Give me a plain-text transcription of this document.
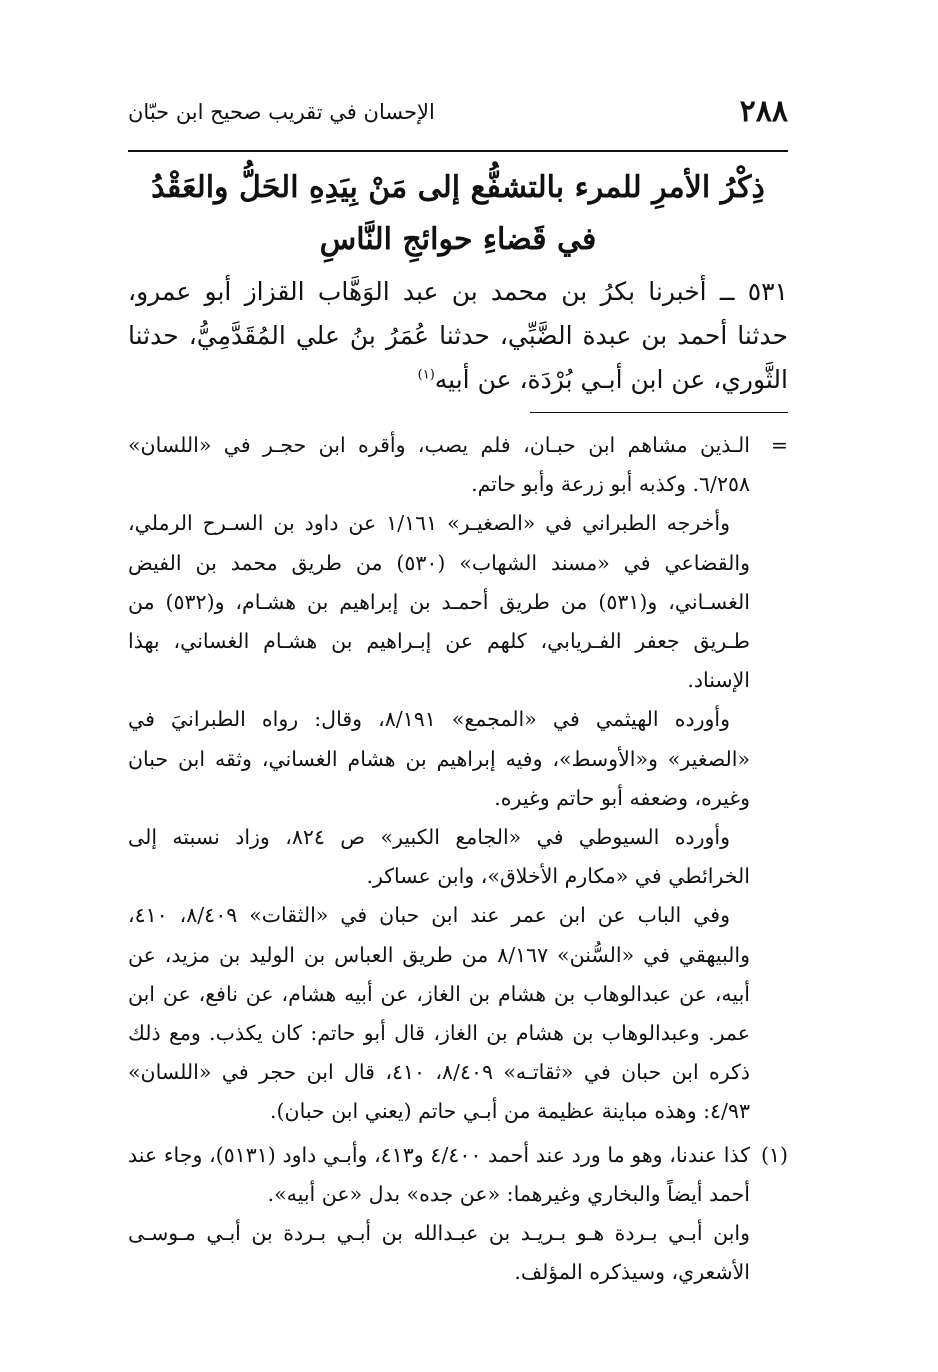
٢٨٨
الإحسان في تقريب صحيح ابن حبّان
ذِكْرُ الأمرِ للمرء بالتشفُّع إلى مَنْ بِيَدِهِ الحَلُّ والعَقْدُ
في قَضاءِ حوائجِ النَّاسِ

٥٣١ ــ أخبرنا بكرُ بن محمد بن عبد الوَهَّاب القزاز أبو عمرو، حدثنا أحمد بن عبدة الضَّبِّي، حدثنا عُمَرُ بنُ علي المُقَدَّمِيُّ، حدثنا الثَّوري، عن ابن أبـي بُرْدَة، عن أبيه$^{(١)}$

=

الـذين مشاهم ابن حبـان، فلم يصب، وأقره ابن حجـر في «اللسان» ٦/٢٥٨. وكذبه أبو زرعة وأبو حاتم.

وأخرجه الطبراني في «الصغيـر» ١/١٦١ عن داود بن السـرح الرملي، والقضاعي في «مسند الشهاب» (٥٣٠) من طريق محمد بن الفيض الغسـاني، و(٥٣١) من طريق أحمـد بن إبراهيم بن هشـام، و(٥٣٢) من طـريق جعفر الفـريابي، كلهم عن إبـراهيم بن هشـام الغساني، بهذا الإسناد.

وأورده الهيثمي في «المجمع» ٨/١٩١، وقال: رواه الطبرانيَ في «الصغير» و«الأوسط»، وفيه إبراهيم بن هشام الغساني، وثقه ابن حبان وغيره، وضعفه أبو حاتم وغيره.

وأورده السيوطي في «الجامع الكبير» ص ٨٢٤، وزاد نسبته إلى الخرائطي في «مكارم الأخلاق»، وابن عساكر.

وفي الباب عن ابن عمر عند ابن حبان في «الثقات» ٨/٤٠٩، ٤١٠، والبيهقي في «السُّنن» ٨/١٦٧ من طريق العباس بن الوليد بن مزيد، عن أبيه، عن عبدالوهاب بن هشام بن الغاز، عن أبيه هشام، عن نافع، عن ابن عمر. وعبدالوهاب بن هشام بن الغاز، قال أبو حاتم: كان يكذب. ومع ذلك ذكره ابن حبان في «ثقاتـه» ٨/٤٠٩، ٤١٠، قال ابن حجر في «اللسان» ٤/٩٣: وهذه مباينة عظيمة من أبـي حاتم (يعني ابن حبان).

(١)

كذا عندنا، وهو ما ورد عند أحمد ٤/٤٠٠ و٤١٣، وأبـي داود (٥١٣١)، وجاء عند أحمد أيضاً والبخاري وغيرهما: «عن جده» بدل «عن أبيه».

وابن أبـي بـردة هـو بـريـد بن عبـدالله بن أبـي بـردة بن أبـي مـوسـى الأشعري، وسيذكره المؤلف.
